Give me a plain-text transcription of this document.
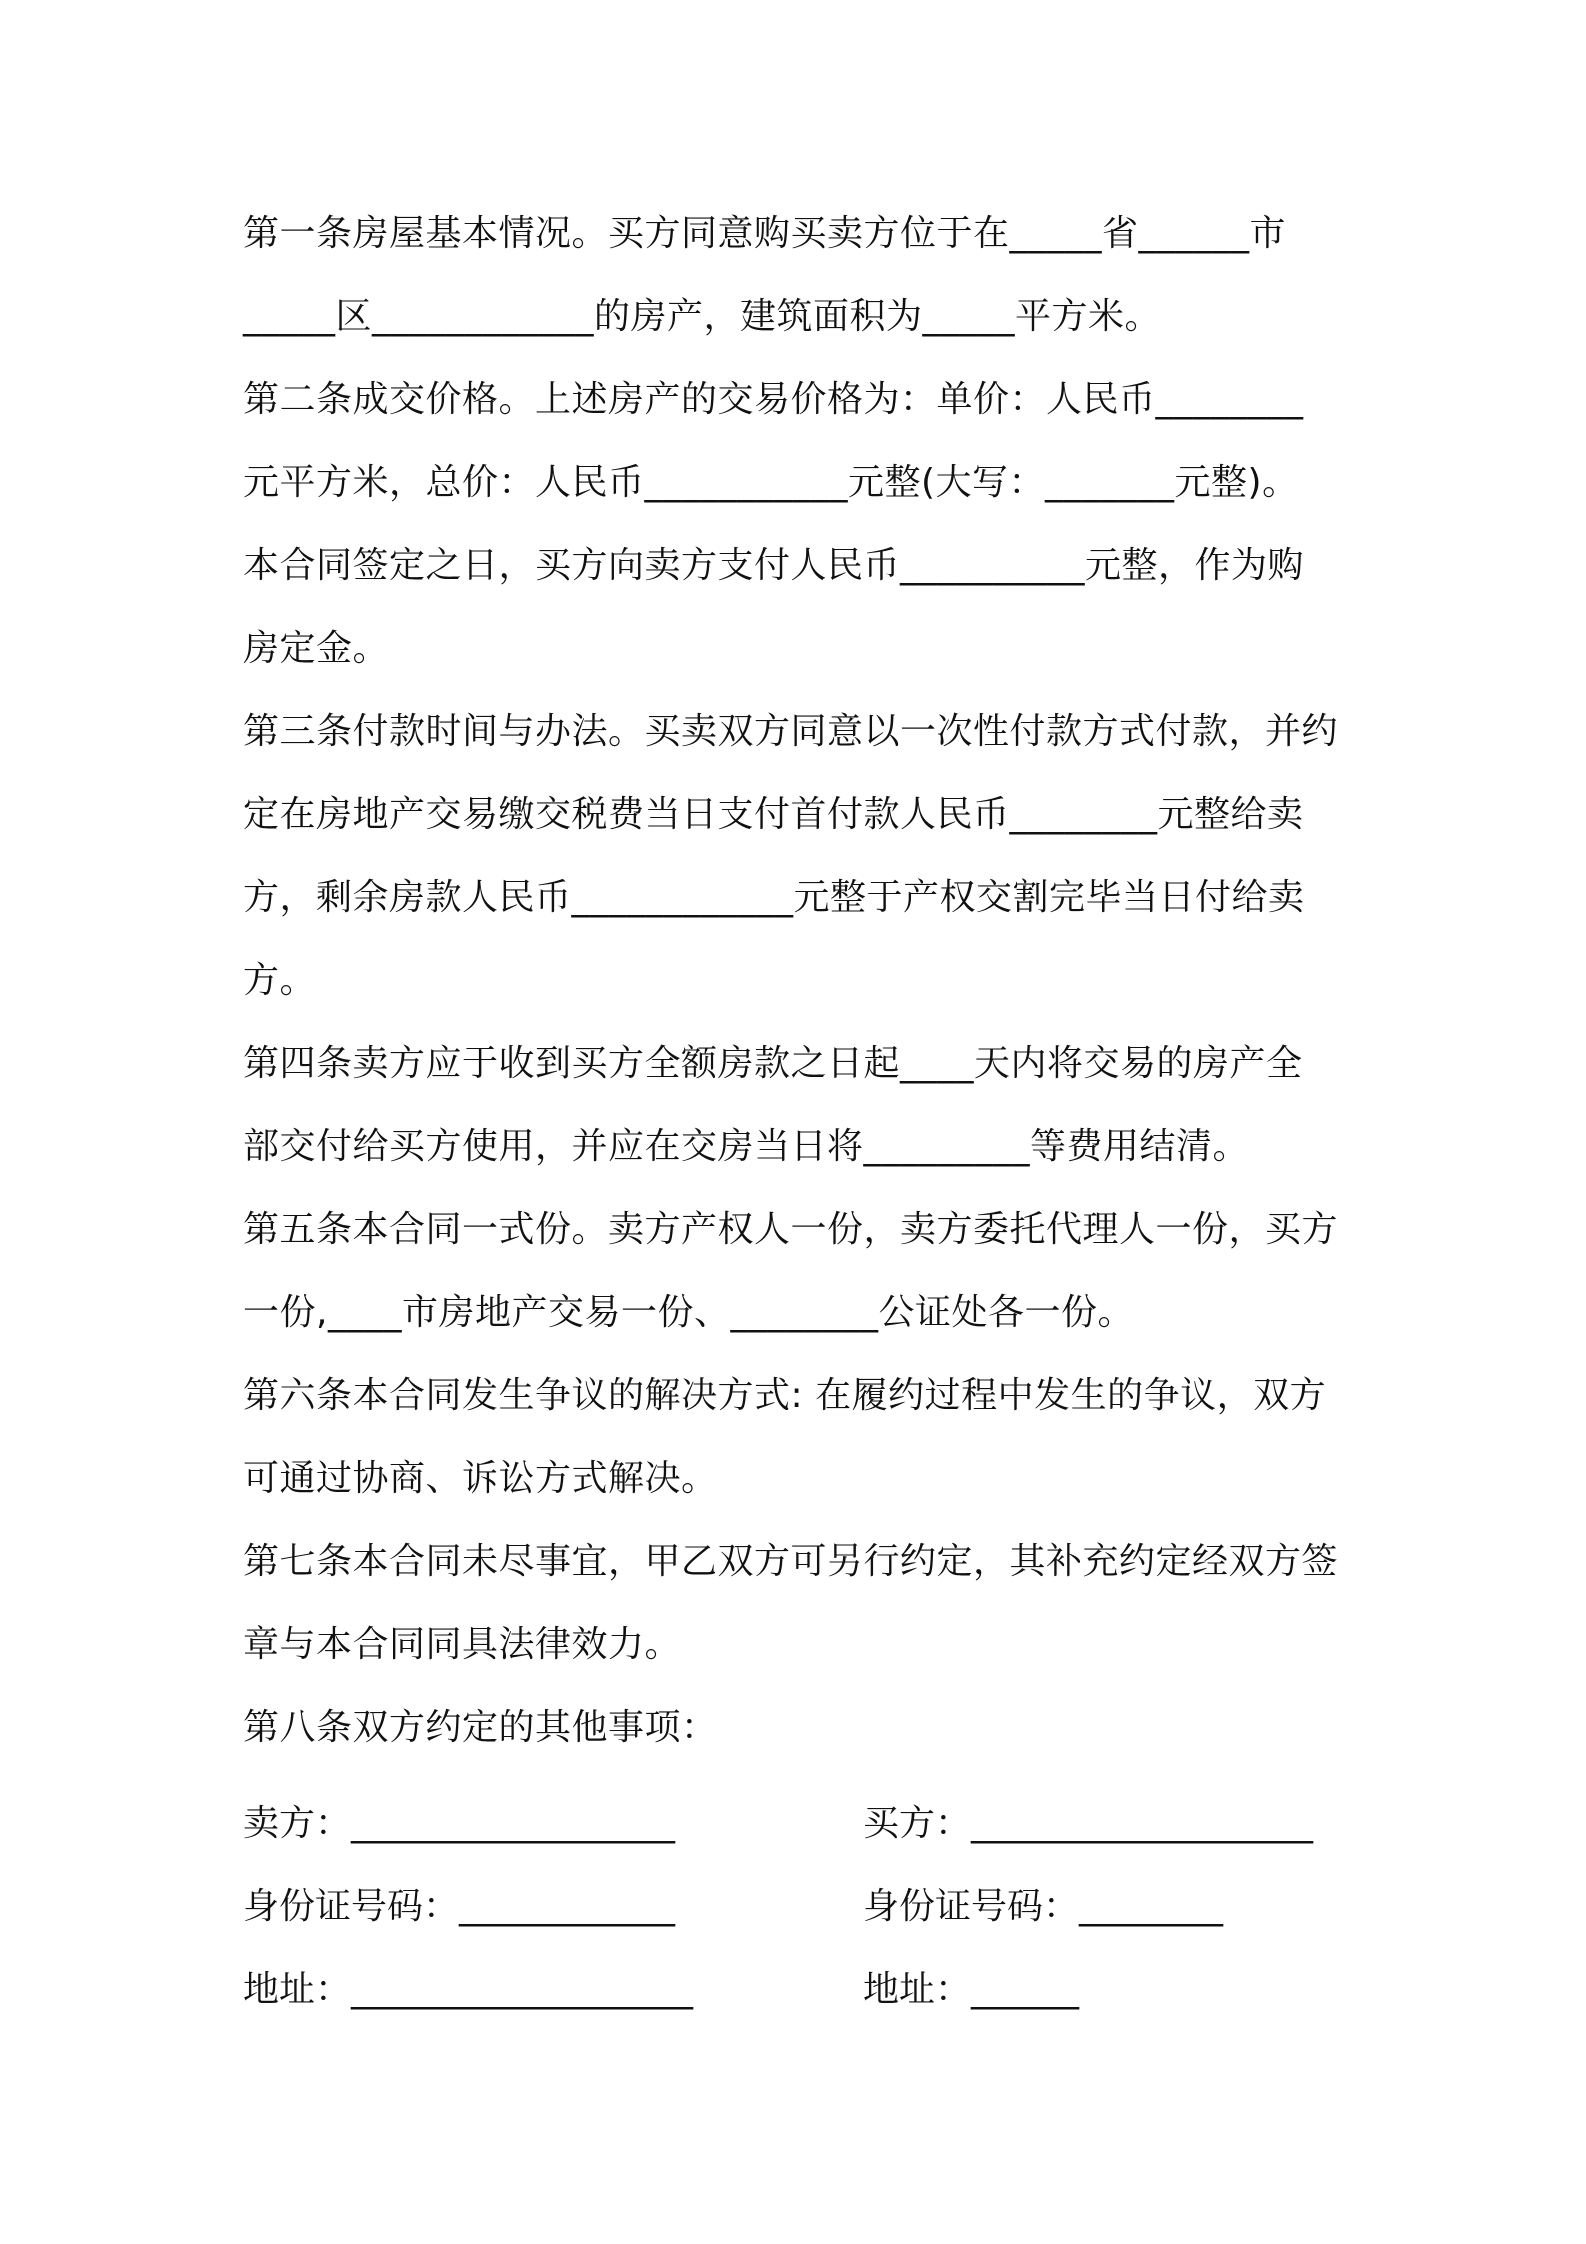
第一条房屋基本情况。买方同意购买卖方位于在_____省______市
_____区____________的房产，建筑面积为_____平方米。
第二条成交价格。上述房产的交易价格为：单价：人民币________
元平方米，总价：人民币___________元整(大写：_______元整)。
本合同签定之日，买方向卖方支付人民币__________元整，作为购
房定金。
第三条付款时间与办法。买卖双方同意以一次性付款方式付款，并约
定在房地产交易缴交税费当日支付首付款人民币________元整给卖
方，剩余房款人民币____________元整于产权交割完毕当日付给卖
方。
第四条卖方应于收到买方全额房款之日起____天内将交易的房产全
部交付给买方使用，并应在交房当日将_________等费用结清。
第五条本合同一式份。卖方产权人一份，卖方委托代理人一份，买方
一份,____市房地产交易一份、________公证处各一份。
第六条本合同发生争议的解决方式: 在履约过程中发生的争议，双方
可通过协商、诉讼方式解决。
第七条本合同未尽事宜，甲乙双方可另行约定，其补充约定经双方签
章与本合同同具法律效力。
第八条双方约定的其他事项：
卖方：__________________	买方：___________________
身份证号码：____________	身份证号码：________
地址：___________________	地址：______
